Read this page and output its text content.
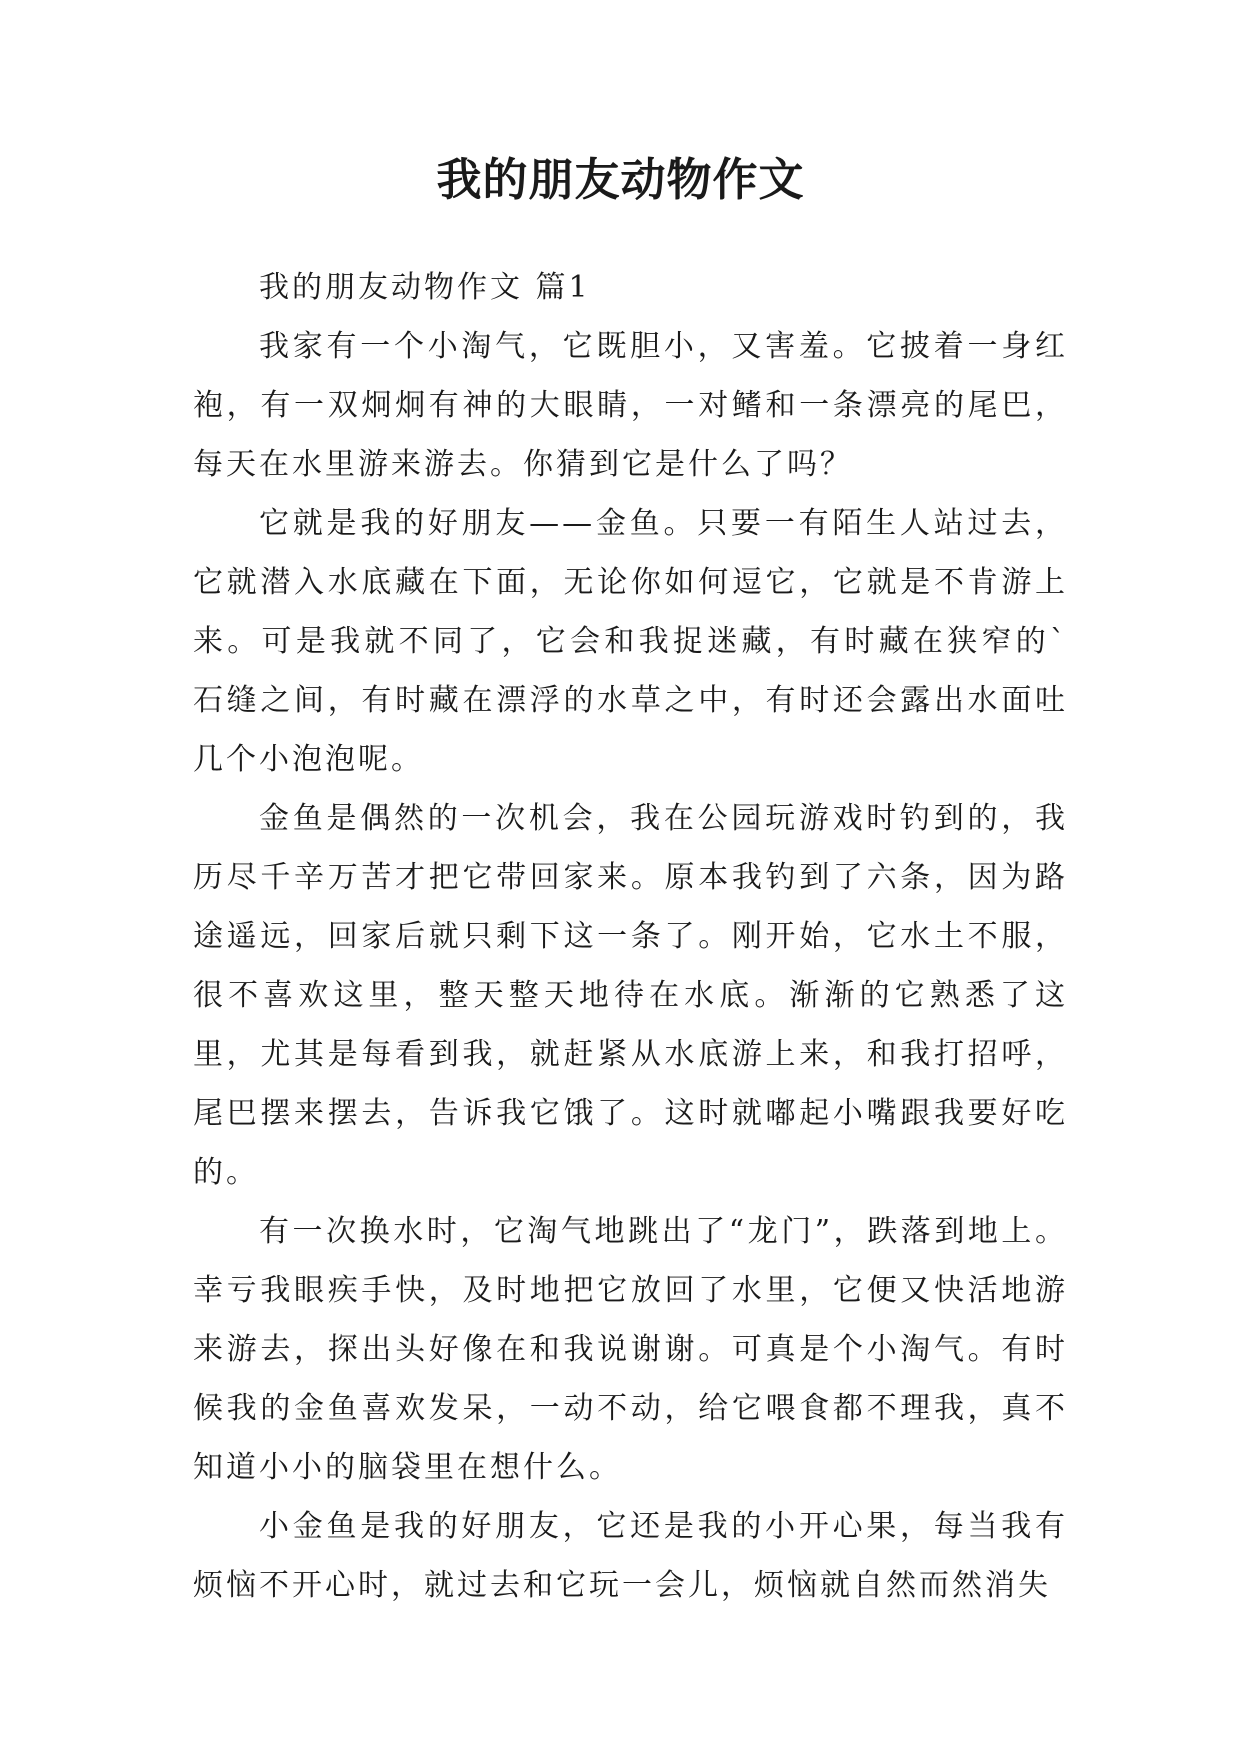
我的朋友动物作文

我的朋友动物作文 篇1

我家有一个小淘气，它既胆小，又害羞。它披着一身红袍，有一双炯炯有神的大眼睛，一对鳍和一条漂亮的尾巴，每天在水里游来游去。你猜到它是什么了吗？

它就是我的好朋友——金鱼。只要一有陌生人站过去，它就潜入水底藏在下面，无论你如何逗它，它就是不肯游上来。可是我就不同了，它会和我捉迷藏，有时藏在狭窄的`石缝之间，有时藏在漂浮的水草之中，有时还会露出水面吐几个小泡泡呢。

金鱼是偶然的一次机会，我在公园玩游戏时钓到的，我历尽千辛万苦才把它带回家来。原本我钓到了六条，因为路途遥远，回家后就只剩下这一条了。刚开始，它水土不服，很不喜欢这里，整天整天地待在水底。渐渐的它熟悉了这里，尤其是每看到我，就赶紧从水底游上来，和我打招呼，尾巴摆来摆去，告诉我它饿了。这时就嘟起小嘴跟我要好吃的。

有一次换水时，它淘气地跳出了“龙门”，跌落到地上。幸亏我眼疾手快，及时地把它放回了水里，它便又快活地游来游去，探出头好像在和我说谢谢。可真是个小淘气。有时候我的金鱼喜欢发呆，一动不动，给它喂食都不理我，真不知道小小的脑袋里在想什么。

小金鱼是我的好朋友，它还是我的小开心果，每当我有烦恼不开心时，就过去和它玩一会儿，烦恼就自然而然消失
